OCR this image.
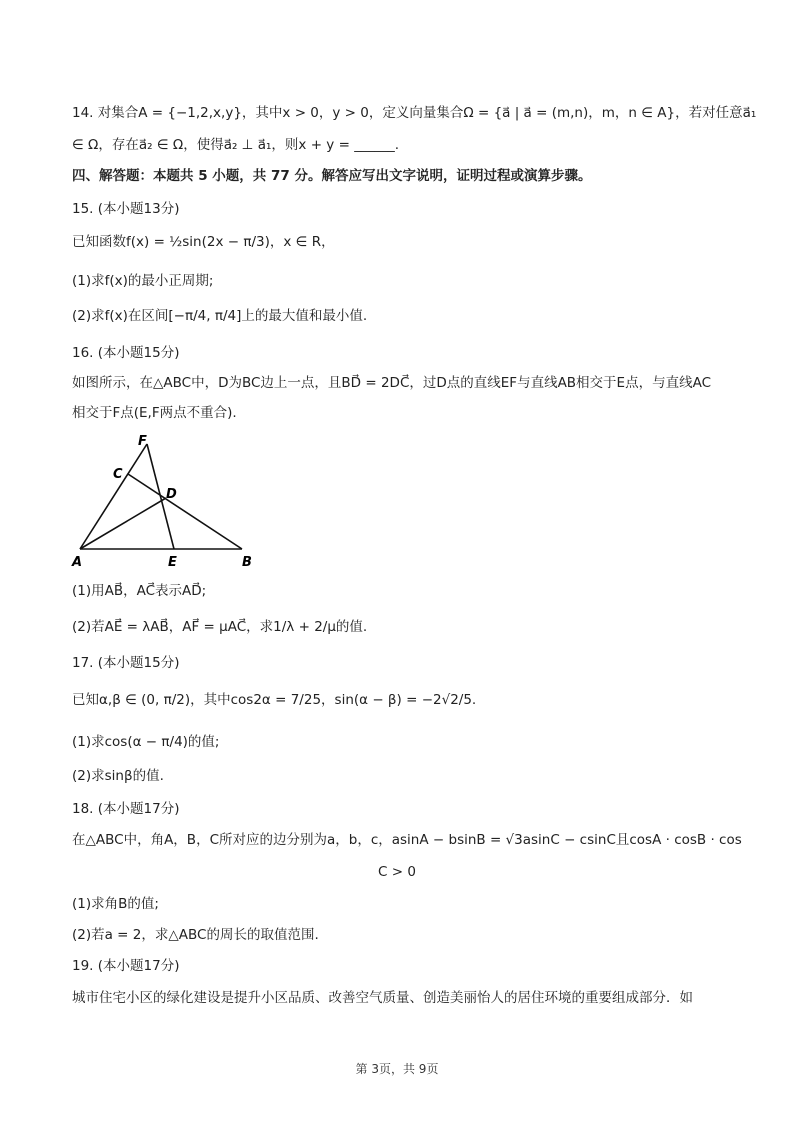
14. 对集合A = {−1,2,x,y}，其中x > 0，y > 0，定义向量集合Ω = {a⃗ | a⃗ = (m,n)，m，n ∈ A}，若对任意a⃗₁
∈ Ω，存在a⃗₂ ∈ Ω，使得a⃗₂ ⊥ a⃗₁，则x + y = ______.
四、解答题：本题共 5 小题，共 77 分。解答应写出文字说明，证明过程或演算步骤。
15. (本小题13分)
已知函数f(x) = ½sin(2x − π/3)，x ∈ R，
(1)求f(x)的最小正周期;
(2)求f(x)在区间[−π/4, π/4]上的最大值和最小值.
16. (本小题15分)
如图所示，在△ABC中，D为BC边上一点，且BD⃗ = 2DC⃗，过D点的直线EF与直线AB相交于E点，与直线AC
相交于F点(E,F两点不重合).
F
C
D
A	E	B
(1)用AB⃗，AC⃗表示AD⃗;
(2)若AE⃗ = λAB⃗，AF⃗ = μAC⃗，求1/λ + 2/μ的值.
17. (本小题15分)
已知α,β ∈ (0, π/2)，其中cos2α = 7/25，sin(α − β) = −2√2/5.
(1)求cos(α − π/4)的值;
(2)求sinβ的值.
18. (本小题17分)
在△ABC中，角A，B，C所对应的边分别为a，b，c，asinA − bsinB = √3asinC − csinC且cosA · cosB · cos
C > 0
(1)求角B的值;
(2)若a = 2，求△ABC的周长的取值范围.
19. (本小题17分)
城市住宅小区的绿化建设是提升小区品质、改善空气质量、创造美丽怡人的居住环境的重要组成部分．如
第 3页，共 9页
